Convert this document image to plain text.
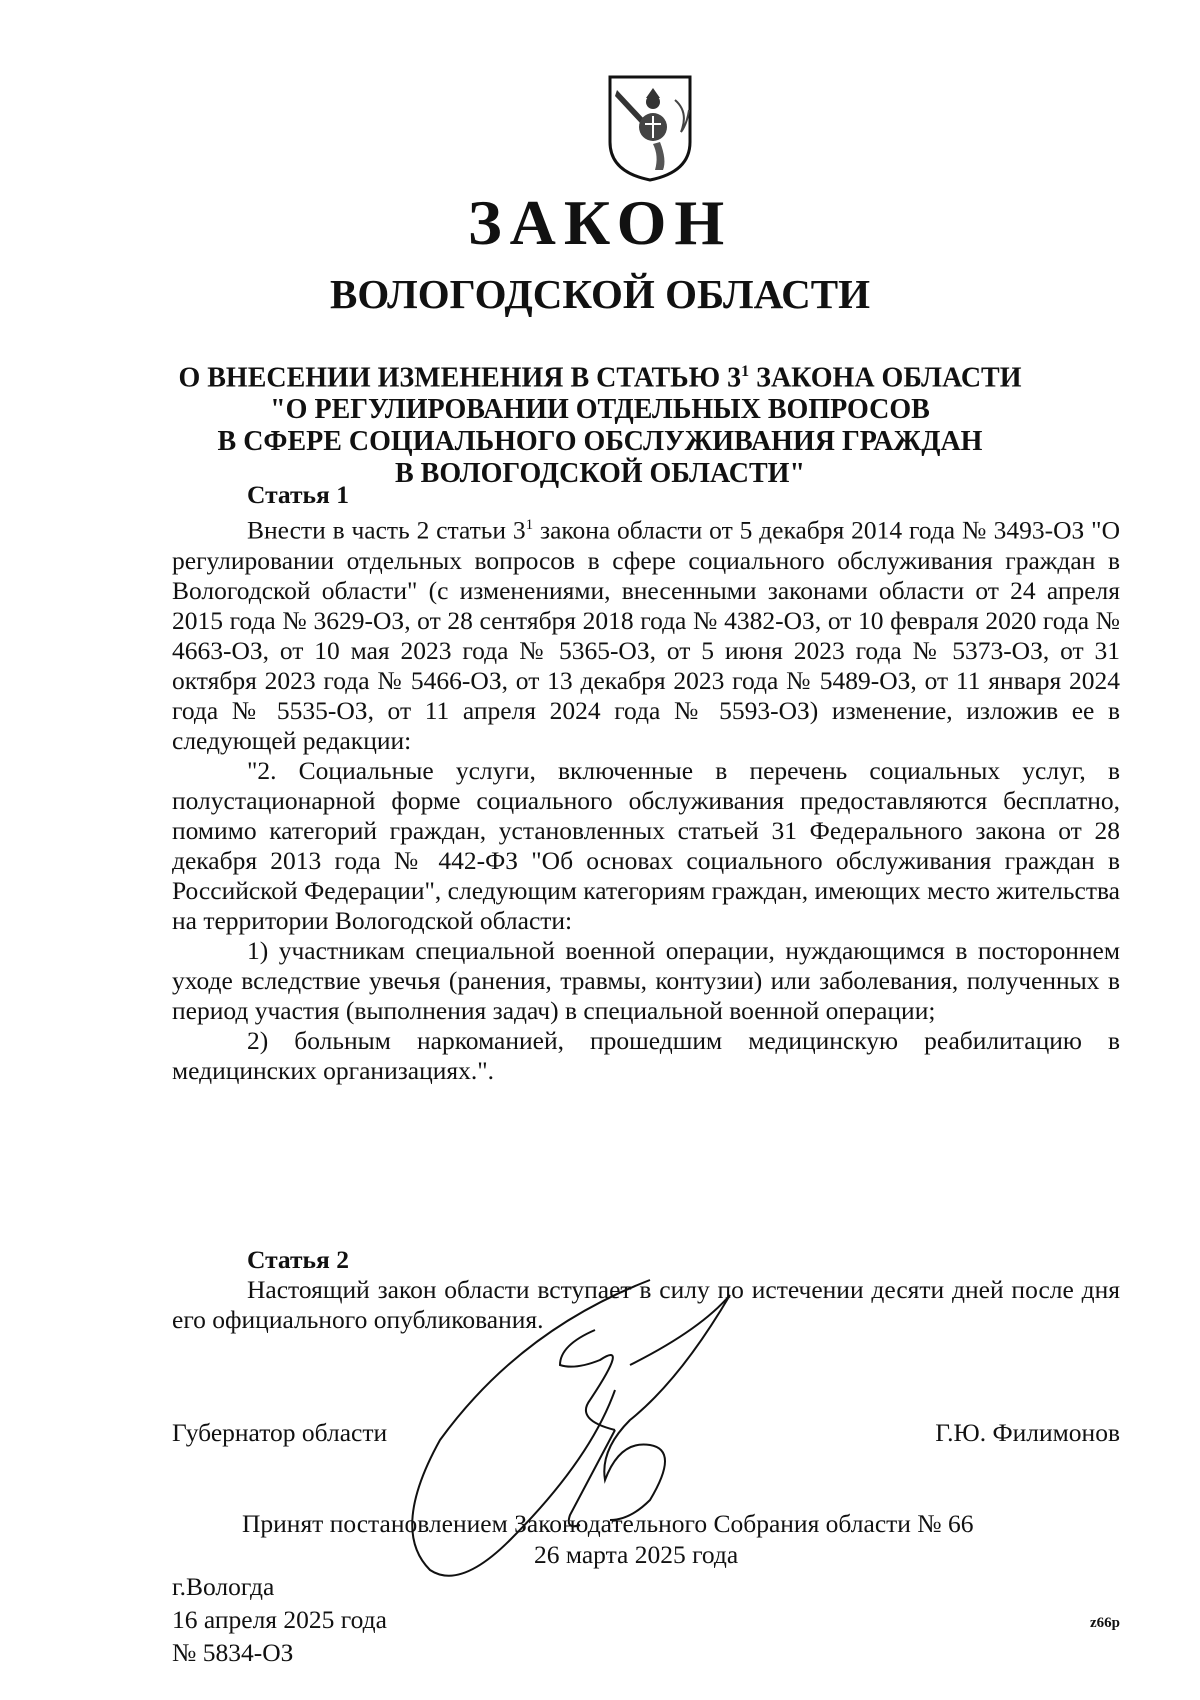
ЗАКОН
ВОЛОГОДСКОЙ ОБЛАСТИ
О ВНЕСЕНИИ ИЗМЕНЕНИЯ В СТАТЬЮ $3^1$ ЗАКОНА ОБЛАСТИ
"О РЕГУЛИРОВАНИИ ОТДЕЛЬНЫХ ВОПРОСОВ
В СФЕРЕ СОЦИАЛЬНОГО ОБСЛУЖИВАНИЯ ГРАЖДАН
В ВОЛОГОДСКОЙ ОБЛАСТИ"
Статья 1

Внести в часть 2 статьи $3^1$ закона области от 5 декабря 2014 года № 3493-ОЗ "О регулировании отдельных вопросов в сфере социального обслуживания граждан в Вологодской области" (с изменениями, внесенными законами области от 24 апреля 2015 года № 3629-ОЗ, от 28 сентября 2018 года № 4382-ОЗ, от 10 февраля 2020 года № 4663-ОЗ, от 10 мая 2023 года № 5365-ОЗ, от 5 июня 2023 года № 5373-ОЗ, от 31 октября 2023 года № 5466-ОЗ, от 13 декабря 2023 года № 5489-ОЗ, от 11 января 2024 года № 5535-ОЗ, от 11 апреля 2024 года № 5593-ОЗ) изменение, изложив ее в следующей редакции:

"2. Социальные услуги, включенные в перечень социальных услуг, в полустационарной форме социального обслуживания предоставляются бесплатно, помимо категорий граждан, установленных статьей 31 Федерального закона от 28 декабря 2013 года № 442-ФЗ "Об основах социального обслуживания граждан в Российской Федерации", следующим категориям граждан, имеющих место жительства на территории Вологодской области:

1) участникам специальной военной операции, нуждающимся в постороннем уходе вследствие увечья (ранения, травмы, контузии) или заболевания, полученных в период участия (выполнения задач) в специальной военной операции;

2) больным наркоманией, прошедшим медицинскую реабилитацию в медицинских организациях.".

Статья 2

Настоящий закон области вступает в силу по истечении десяти дней после дня его официального опубликования.

Губернатор области	Г.Ю. Филимонов
Принят постановлением Законодательного Собрания области № 66
26 марта 2025 года
г.Вологда
16 апреля 2025 года
№ 5834-ОЗ
z66p
